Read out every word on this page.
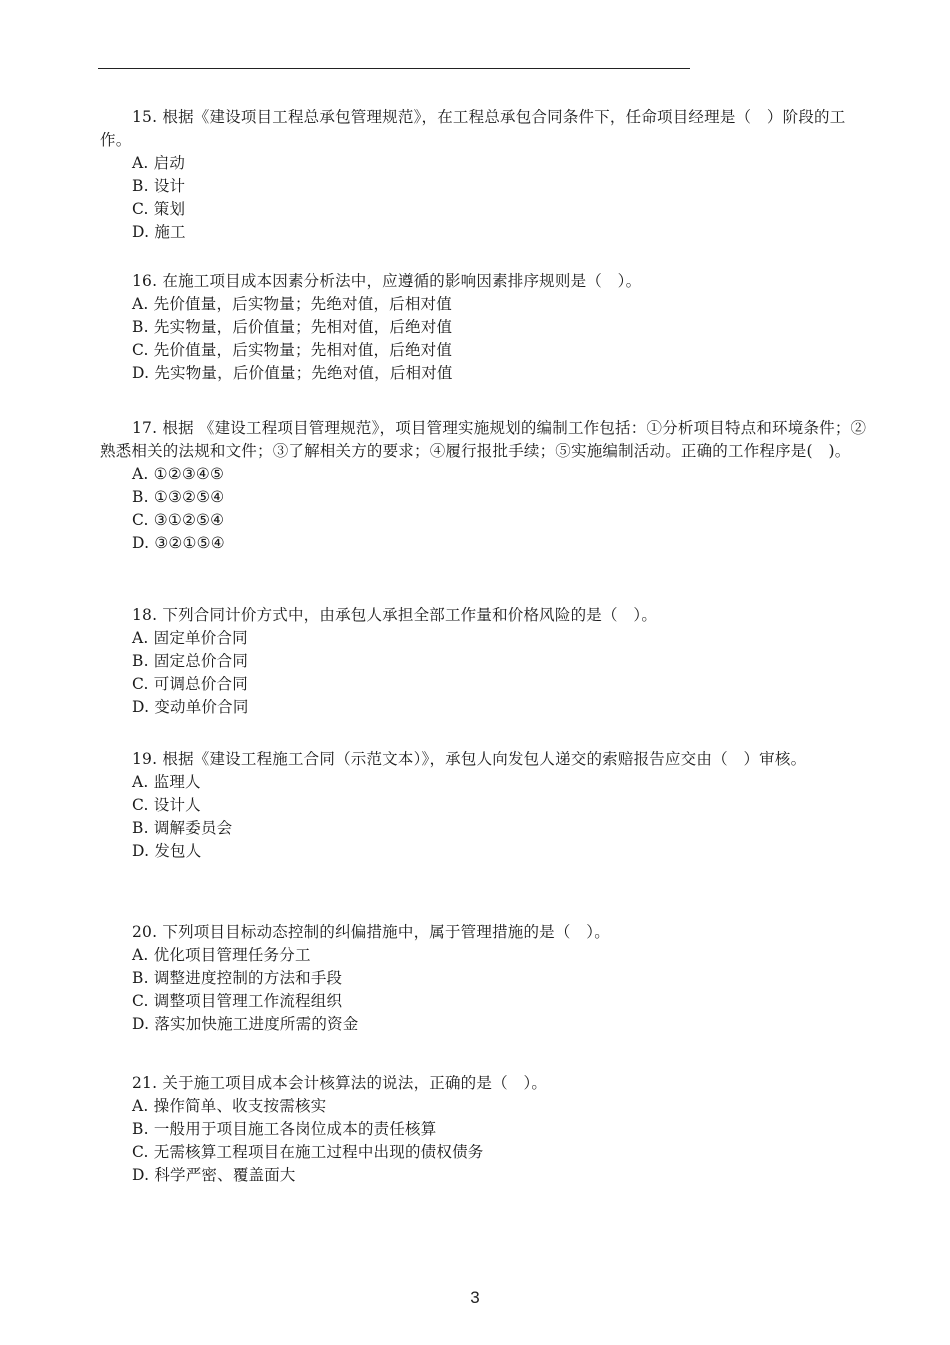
15. 根据《建设项目工程总承包管理规范》，在工程总承包合同条件下，任命项目经理是（　）阶段的工作。

A. 启动
B. 设计
C. 策划
D. 施工

16. 在施工项目成本因素分析法中，应遵循的影响因素排序规则是（　）。

A. 先价值量，后实物量；先绝对值，后相对值
B. 先实物量，后价值量；先相对值，后绝对值
C. 先价值量，后实物量；先相对值，后绝对值
D. 先实物量，后价值量；先绝对值，后相对值

17. 根据 《建设工程项目管理规范》，项目管理实施规划的编制工作包括：①分析项目特点和环境条件；②熟悉相关的法规和文件；③了解相关方的要求；④履行报批手续；⑤实施编制活动。正确的工作程序是(　)。

A. ①②③④⑤
B. ①③②⑤④
C. ③①②⑤④
D. ③②①⑤④

18. 下列合同计价方式中，由承包人承担全部工作量和价格风险的是（　）。

A. 固定单价合同
B. 固定总价合同
C. 可调总价合同
D. 变动单价合同

19. 根据《建设工程施工合同（示范文本）》，承包人向发包人递交的索赔报告应交由（　）审核。

A. 监理人
C. 设计人
B. 调解委员会
D. 发包人

20. 下列项目目标动态控制的纠偏措施中，属于管理措施的是（　）。

A. 优化项目管理任务分工
B. 调整进度控制的方法和手段
C. 调整项目管理工作流程组织
D. 落实加快施工进度所需的资金

21. 关于施工项目成本会计核算法的说法，正确的是（　）。

A. 操作简单、收支按需核实
B. 一般用于项目施工各岗位成本的责任核算
C. 无需核算工程项目在施工过程中出现的债权债务
D. 科学严密、覆盖面大
3
